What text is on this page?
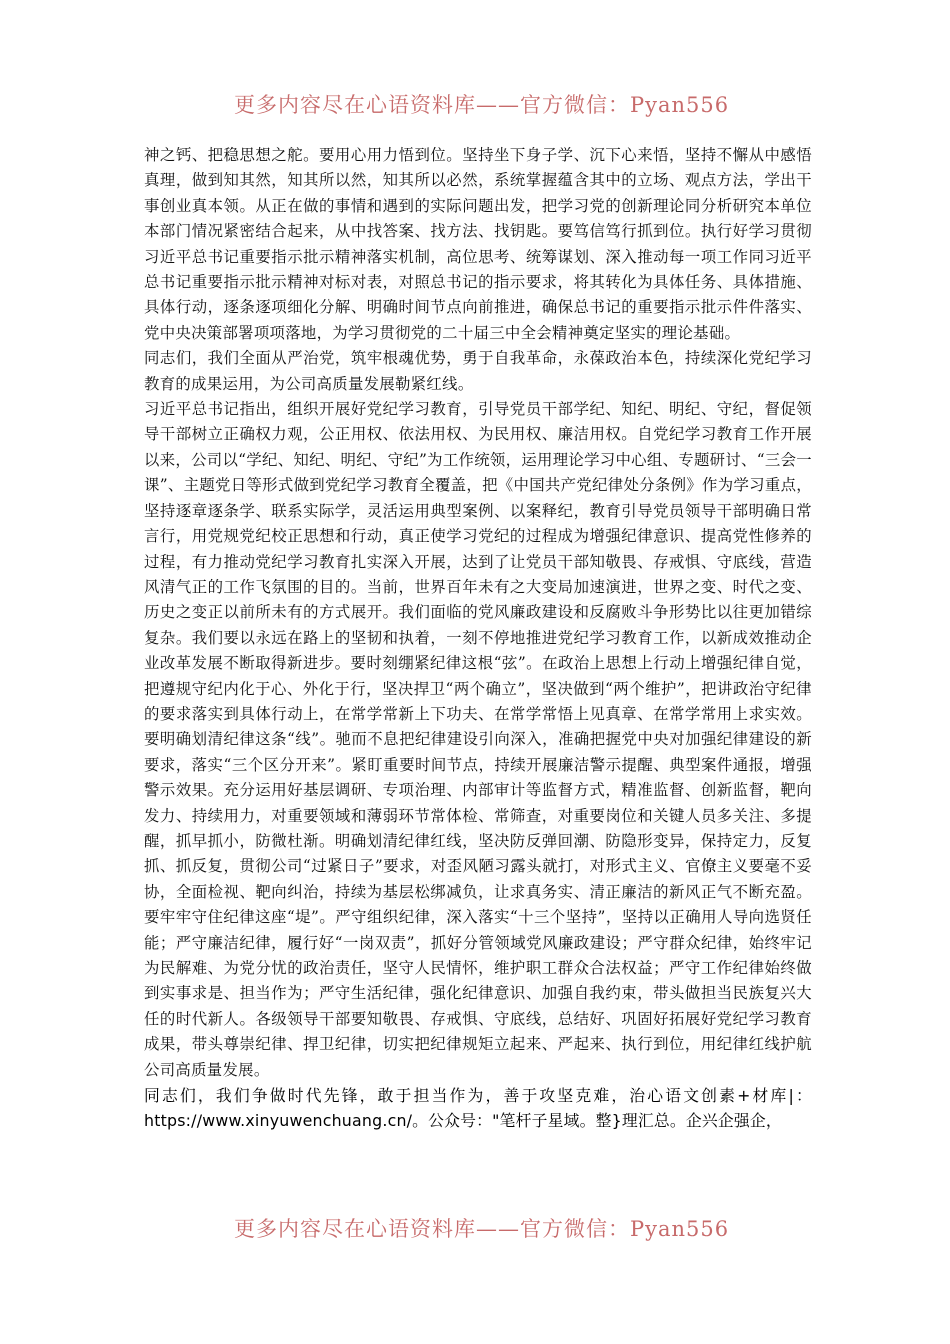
更多内容尽在心语资料库——官方微信：Pyan556

神之钙、把稳思想之舵。要用心用力悟到位。坚持坐下身子学、沉下心来悟，坚持不懈从中感悟真理，做到知其然，知其所以然，知其所以必然，系统掌握蕴含其中的立场、观点方法，学出干事创业真本领。从正在做的事情和遇到的实际问题出发，把学习党的创新理论同分析研究本单位本部门情况紧密结合起来，从中找答案、找方法、找钥匙。要笃信笃行抓到位。执行好学习贯彻习近平总书记重要指示批示精神落实机制，高位思考、统筹谋划、深入推动每一项工作同习近平总书记重要指示批示精神对标对表，对照总书记的指示要求，将其转化为具体任务、具体措施、具体行动，逐条逐项细化分解、明确时间节点向前推进，确保总书记的重要指示批示件件落实、党中央决策部署项项落地，为学习贯彻党的二十届三中全会精神奠定坚实的理论基础。

同志们，我们全面从严治党，筑牢根魂优势，勇于自我革命，永葆政治本色，持续深化党纪学习教育的成果运用，为公司高质量发展勒紧红线。

习近平总书记指出，组织开展好党纪学习教育，引导党员干部学纪、知纪、明纪、守纪，督促领导干部树立正确权力观，公正用权、依法用权、为民用权、廉洁用权。自党纪学习教育工作开展以来，公司以“学纪、知纪、明纪、守纪”为工作统领，运用理论学习中心组、专题研讨、“三会一课”、主题党日等形式做到党纪学习教育全覆盖，把《中国共产党纪律处分条例》作为学习重点，坚持逐章逐条学、联系实际学，灵活运用典型案例、以案释纪，教育引导党员领导干部明确日常言行，用党规党纪校正思想和行动，真正使学习党纪的过程成为增强纪律意识、提高党性修养的过程，有力推动党纪学习教育扎实深入开展，达到了让党员干部知敬畏、存戒惧、守底线，营造风清气正的工作飞氛围的目的。当前，世界百年未有之大变局加速演进，世界之变、时代之变、历史之变正以前所未有的方式展开。我们面临的党风廉政建设和反腐败斗争形势比以往更加错综复杂。我们要以永远在路上的坚韧和执着，一刻不停地推进党纪学习教育工作，以新成效推动企业改革发展不断取得新进步。要时刻绷紧纪律这根“弦”。在政治上思想上行动上增强纪律自觉，把遵规守纪内化于心、外化于行，坚决捍卫“两个确立”，坚决做到“两个维护”，把讲政治守纪律的要求落实到具体行动上，在常学常新上下功夫、在常学常悟上见真章、在常学常用上求实效。要明确划清纪律这条“线”。驰而不息把纪律建设引向深入，准确把握党中央对加强纪律建设的新要求，落实“三个区分开来”。紧盯重要时间节点，持续开展廉洁警示提醒、典型案件通报，增强警示效果。充分运用好基层调研、专项治理、内部审计等监督方式，精准监督、创新监督，靶向发力、持续用力，对重要领域和薄弱环节常体检、常筛查，对重要岗位和关键人员多关注、多提醒，抓早抓小，防微杜渐。明确划清纪律红线，坚决防反弹回潮、防隐形变异，保持定力，反复抓、抓反复，贯彻公司“过紧日子”要求，对歪风陋习露头就打，对形式主义、官僚主义要毫不妥协，全面检视、靶向纠治，持续为基层松绑减负，让求真务实、清正廉洁的新风正气不断充盈。要牢牢守住纪律这座“堤”。严守组织纪律，深入落实“十三个坚持”，坚持以正确用人导向选贤任能；严守廉洁纪律，履行好“一岗双责”，抓好分管领域党风廉政建设；严守群众纪律，始终牢记为民解难、为党分忧的政治责任，坚守人民情怀，维护职工群众合法权益；严守工作纪律始终做到实事求是、担当作为；严守生活纪律，强化纪律意识、加强自我约束，带头做担当民族复兴大任的时代新人。各级领导干部要知敬畏、存戒惧、守底线，总结好、巩固好拓展好党纪学习教育成果，带头尊崇纪律、捍卫纪律，切实把纪律规矩立起来、严起来、执行到位，用纪律红线护航公司高质量发展。

同志们，我们争做时代先锋，敢于担当作为，善于攻坚克难，治心语文创素+材库|：https://www.xinyuwenchuang.cn/。公众号："笔杆子星域。整}理汇总。企兴企强企，

更多内容尽在心语资料库——官方微信：Pyan556
